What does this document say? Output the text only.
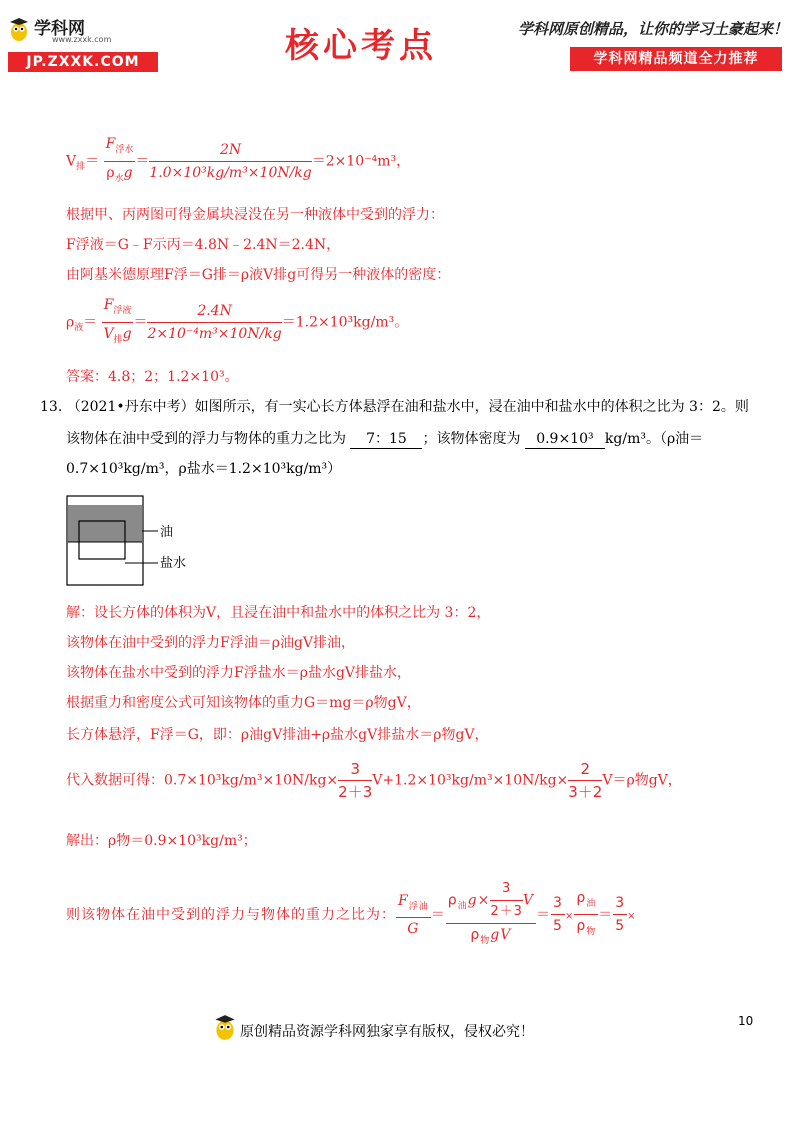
学科网
www.zxxk.com
JP.ZXXK.COM	核心考点	学科网原创精品，让你的学习土豪起来！
学科网精品频道全力推荐
$V_排= \frac{F_{浮水}}{\rho_水g} = \frac{2N}{\text{1.0×10³kg/m³×10N/kg}} =2\times 10^{-4}m^3$，
根据甲、丙两图可得金属块浸没在另一种液体中受到的浮力：
F浮液＝G﹣F示丙＝4.8N﹣2.4N＝2.4N，
由阿基米德原理F浮＝G排＝ρ液V排g可得另一种液体的密度：
$\rho_液= \frac{F_{浮液}}{V_排g} = \frac{2.4N}{\text{2×10⁻⁴m³×10N/kg}} =1.2\times 10^3kg/m^3$。
答案：4.8；2；1.2×10³。
13. （2021•丹东中考）如图所示，有一实心长方体悬浮在油和盐水中，浸在油中和盐水中的体积之比为 3：2。则
该物体在油中受到的浮力与物体的重力之比为 7：15 ；该物体密度为 0.9×10³ kg/m³。（ρ油＝
0.7×10³kg/m³，ρ盐水＝1.2×10³kg/m³）
油
盐水
解：设长方体的体积为V，且浸在油中和盐水中的体积之比为 3：2，
该物体在油中受到的浮力F浮油＝ρ油gV排油，
该物体在盐水中受到的浮力F浮盐水＝ρ盐水gV排盐水，
根据重力和密度公式可知该物体的重力G＝mg＝ρ物gV，
长方体悬浮，F浮＝G，即：ρ油gV排油+ρ盐水gV排盐水＝ρ物gV，
代入数据可得：$0.7\times 10^3kg/m^3\times 10N/kg\times \frac{3}{2+3} V+1.2\times 10^3kg/m^3\times 10N/kg\times \frac{2}{3+2} V=\rho$物gV，
解出：ρ物＝0.9×10³kg/m³；
则该物体在油中受到的浮力与物体的重力之比为： $\frac{F_{浮油}}{G} = \frac{\rho_油g\times \frac{3}{2+3} V}{\rho_物gV} = \frac{3}{5} \times \frac{\rho_油}{\rho_物} = \frac{3}{5}$ ×
原创精品资源学科网独家享有版权，侵权必究！
10
